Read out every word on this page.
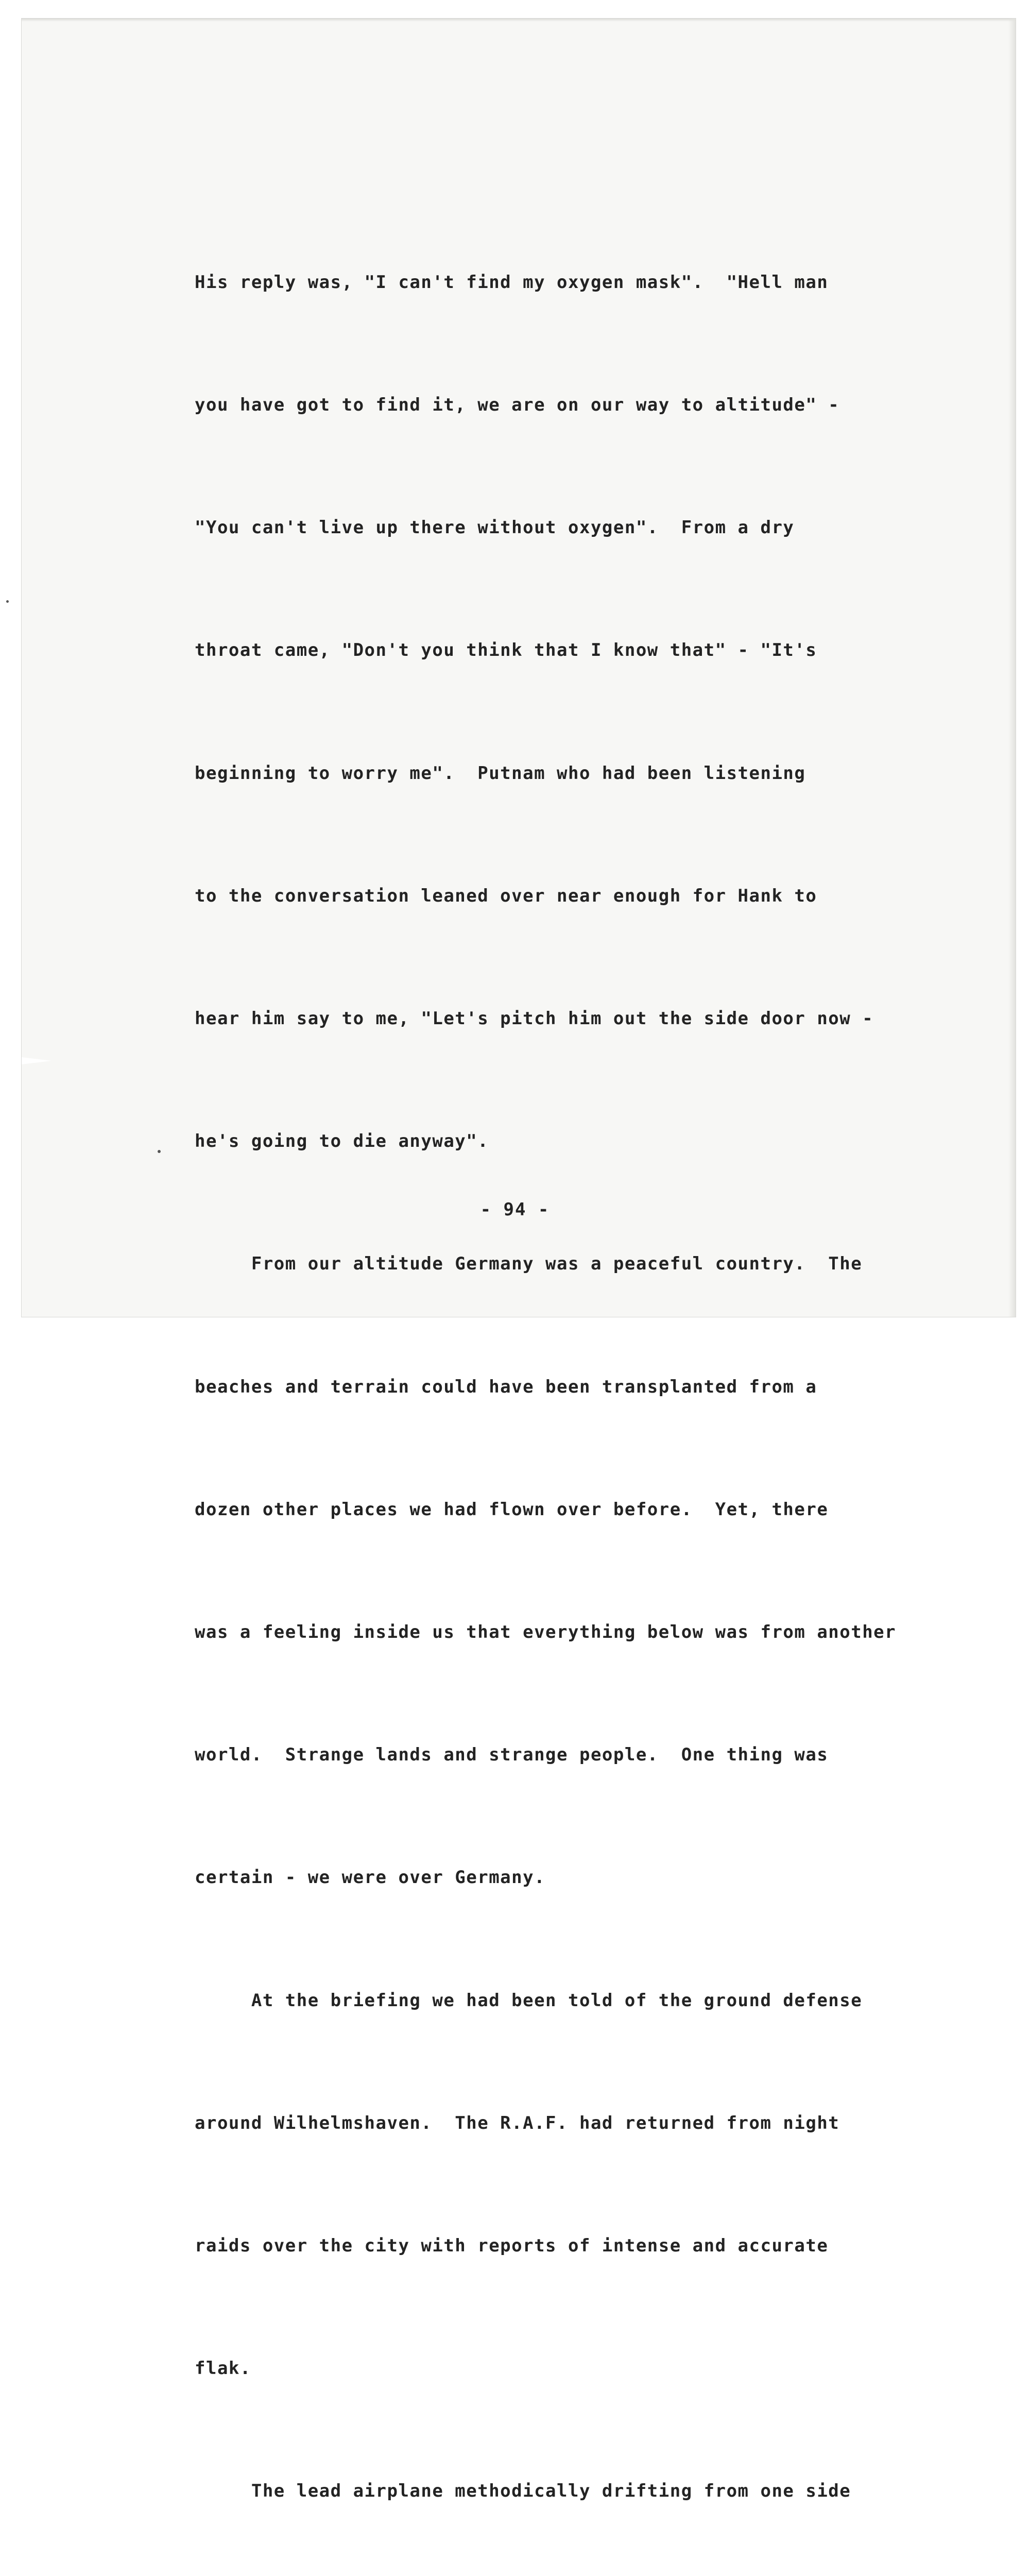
His reply was, "I can't find my oxygen mask".  "Hell man

you have got to find it, we are on our way to altitude" -

"You can't live up there without oxygen".  From a dry

throat came, "Don't you think that I know that" - "It's

beginning to worry me".  Putnam who had been listening

to the conversation leaned over near enough for Hank to

hear him say to me, "Let's pitch him out the side door now -

he's going to die anyway".

From our altitude Germany was a peaceful country.  The

beaches and terrain could have been transplanted from a

dozen other places we had flown over before.  Yet, there

was a feeling inside us that everything below was from another

world.  Strange lands and strange people.  One thing was

certain - we were over Germany.

At the briefing we had been told of the ground defense

around Wilhelmshaven.  The R.A.F. had returned from night

raids over the city with reports of intense and accurate

flak.

The lead airplane methodically drifting from one side

- 94 -
